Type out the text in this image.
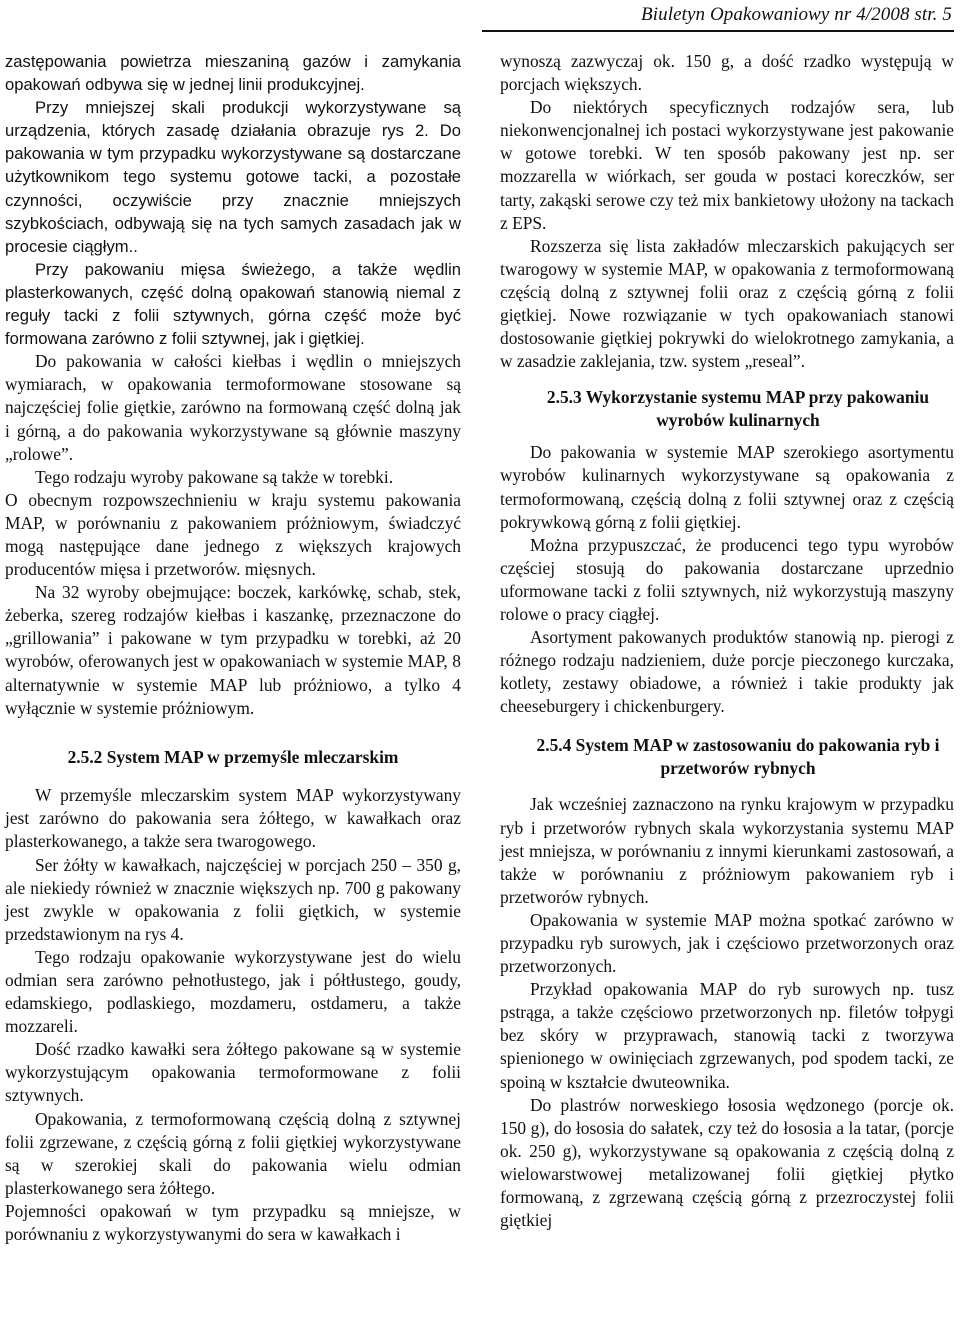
Biuletyn Opakowaniowy nr 4/2008 str. 5

zastępowania powietrza mieszaniną gazów i zamykania opakowań odbywa się w jednej linii produkcyjnej.

Przy mniejszej skali produkcji wykorzystywane są urządzenia, których zasadę działania obrazuje rys 2. Do pakowania w tym przypadku wykorzystywane są dostarczane użytkownikom tego systemu gotowe tacki, a pozostałe czynności, oczywiście przy znacznie mniejszych szybkościach, odbywają się na tych samych zasadach jak w procesie ciągłym..

Przy pakowaniu mięsa świeżego, a także wędlin plasterkowanych, część dolną opakowań stanowią niemal z reguły tacki z folii sztywnych, górna część może być formowana zarówno z folii sztywnej, jak i giętkiej.

Do pakowania w całości kiełbas i wędlin o mniejszych wymiarach, w opakowania termoformowane stosowane są najczęściej folie giętkie, zarówno na formowaną część dolną jak i górną, a do pakowania wykorzystywane są głównie maszyny „rolowe”.

Tego rodzaju wyroby pakowane są także w torebki.

O obecnym rozpowszechnieniu w kraju systemu pakowania MAP, w porównaniu z pakowaniem próżniowym, świadczyć mogą następujące dane jednego z większych krajowych producentów mięsa i przetworów. mięsnych.

Na 32 wyroby obejmujące: boczek, karkówkę, schab, stek, żeberka, szereg rodzajów kiełbas i kaszankę, przeznaczone do „grillowania” i pakowane w tym przypadku w torebki, aż 20 wyrobów, oferowanych jest w opakowaniach w systemie MAP, 8 alternatywnie w systemie MAP lub próżniowo, a tylko 4 wyłącznie w systemie próżniowym.

2.5.2 System MAP w przemyśle mleczarskim

W przemyśle mleczarskim system MAP wykorzystywany jest zarówno do pakowania sera żółtego, w kawałkach oraz plasterkowanego, a także sera twarogowego.

Ser żółty w kawałkach, najczęściej w porcjach 250 – 350 g, ale niekiedy również w znacznie większych np. 700 g pakowany jest zwykle w opakowania z folii giętkich, w systemie przedstawionym na rys 4.

Tego rodzaju opakowanie wykorzystywane jest do wielu odmian sera zarówno pełnotłustego, jak i półtłustego, goudy, edamskiego, podlaskiego, mozdameru, ostdameru, a także mozzareli.

Dość rzadko kawałki sera żółtego pakowane są w systemie wykorzystującym opakowania termoformowane z folii sztywnych.

Opakowania, z termoformowaną częścią dolną z sztywnej folii zgrzewane, z częścią górną z folii giętkiej wykorzystywane są w szerokiej skali do pakowania wielu odmian plasterkowanego sera żółtego.

Pojemności opakowań w tym przypadku są mniejsze, w porównaniu z wykorzystywanymi do sera w kawałkach i

wynoszą zazwyczaj ok. 150 g, a dość rzadko występują w porcjach większych.

Do niektórych specyficznych rodzajów sera, lub niekonwencjonalnej ich postaci wykorzystywane jest pakowanie w gotowe torebki. W ten sposób pakowany jest np. ser mozzarella w wiórkach, ser gouda w postaci koreczków, ser tarty, zakąski serowe czy też mix bankietowy ułożony na tackach z EPS.

Rozszerza się lista zakładów mleczarskich pakujących ser twarogowy w systemie MAP, w opakowania z termoformowaną częścią dolną z sztywnej folii oraz z częścią górną z folii giętkiej. Nowe rozwiązanie w tych opakowaniach stanowi dostosowanie giętkiej pokrywki do wielokrotnego zamykania, a w zasadzie zaklejania, tzw. system „reseal”.

2.5.3 Wykorzystanie systemu MAP przy pakowaniu wyrobów kulinarnych

Do pakowania w systemie MAP szerokiego asortymentu wyrobów kulinarnych wykorzystywane są opakowania z termoformowaną, częścią dolną z folii sztywnej oraz z częścią pokrywkową górną z folii giętkiej.

Można przypuszczać, że producenci tego typu wyrobów częściej stosują do pakowania dostarczane uprzednio uformowane tacki z folii sztywnych, niż wykorzystują maszyny rolowe o pracy ciągłej.

Asortyment pakowanych produktów stanowią np. pierogi z różnego rodzaju nadzieniem, duże porcje pieczonego kurczaka, kotlety, zestawy obiadowe, a również i takie produkty jak cheeseburgery i chickenburgery.

2.5.4 System MAP w zastosowaniu do pakowania ryb i przetworów rybnych

Jak wcześniej zaznaczono na rynku krajowym w przypadku ryb i przetworów rybnych skala wykorzystania systemu MAP jest mniejsza, w porównaniu z innymi kierunkami zastosowań, a także w porównaniu z próżniowym pakowaniem ryb i przetworów rybnych.

Opakowania w systemie MAP można spotkać zarówno w przypadku ryb surowych, jak i częściowo przetworzonych oraz przetworzonych.

Przykład opakowania MAP do ryb surowych np. tusz pstrąga, a także częściowo przetworzonych np. filetów tołpygi bez skóry w przyprawach, stanowią tacki z tworzywa spienionego w owinięciach zgrzewanych, pod spodem tacki, ze spoiną w kształcie dwuteownika.

Do plastrów norweskiego łososia wędzonego (porcje ok. 150 g), do łososia do sałatek, czy też do łososia a la tatar, (porcje ok. 250 g), wykorzystywane są opakowania z częścią dolną z wielowarstwowej metalizowanej folii giętkiej płytko formowaną, z zgrzewaną częścią górną z przezroczystej folii giętkiej
